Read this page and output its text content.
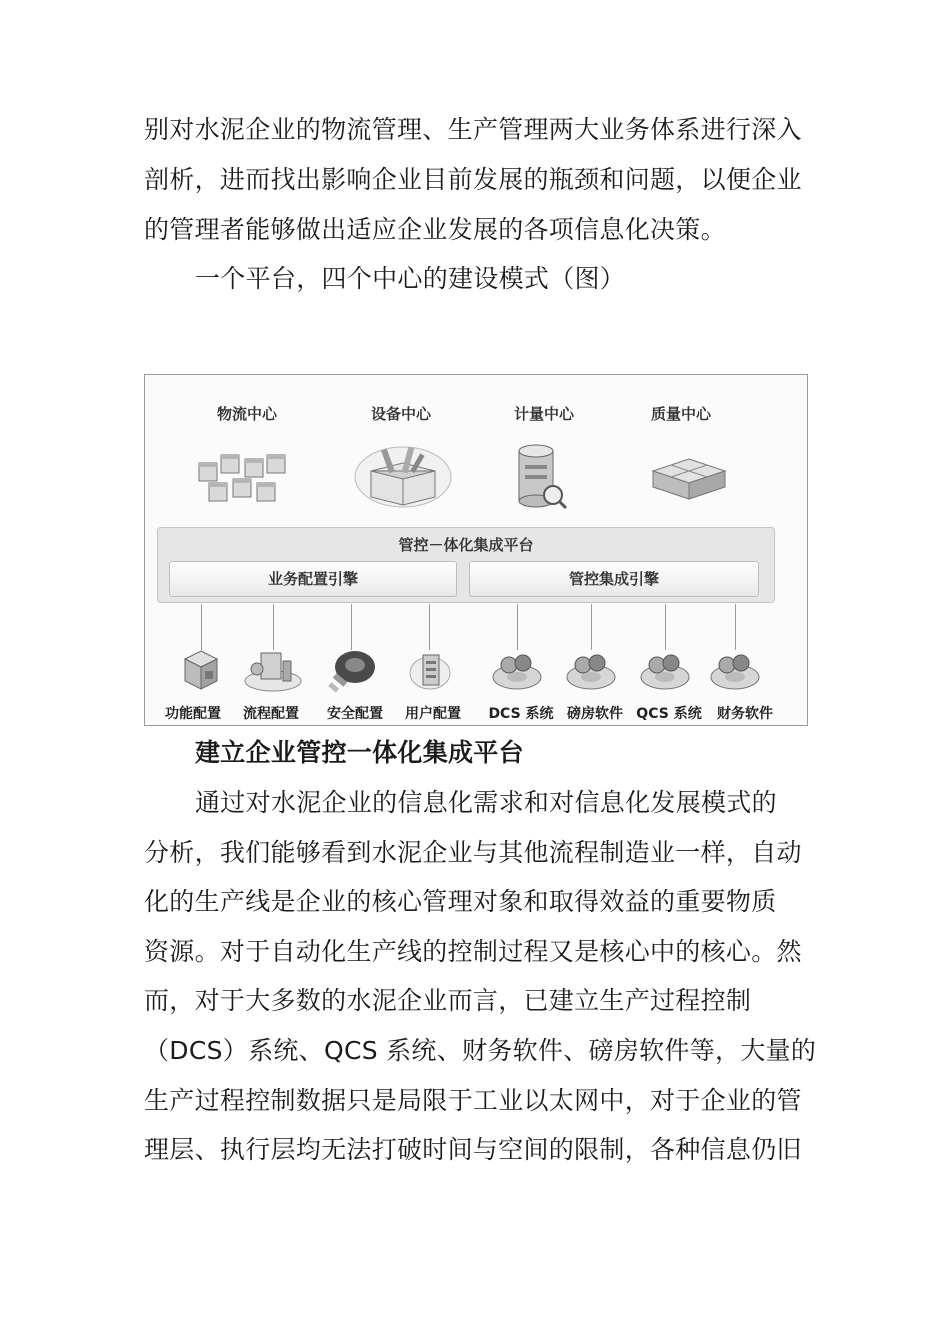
别对水泥企业的物流管理、生产管理两大业务体系进行深入
剖析，进而找出影响企业目前发展的瓶颈和问题，以便企业
的管理者能够做出适应企业发展的各项信息化决策。
一个平台，四个中心的建设模式（图）
物流中心	设备中心	计量中心	质量中心
管控－体化集成平台
业务配置引擎	管控集成引擎
功能配置	流程配置	安全配置	用户配置	DCS 系统 磅房软件 QCS 系统	财务软件
建立企业管控一体化集成平台
通过对水泥企业的信息化需求和对信息化发展模式的
分析，我们能够看到水泥企业与其他流程制造业一样，自动
化的生产线是企业的核心管理对象和取得效益的重要物质
资源。对于自动化生产线的控制过程又是核心中的核心。然
而，对于大多数的水泥企业而言，已建立生产过程控制
（DCS）系统、QCS 系统、财务软件、磅房软件等，大量的
生产过程控制数据只是局限于工业以太网中，对于企业的管
理层、执行层均无法打破时间与空间的限制，各种信息仍旧
